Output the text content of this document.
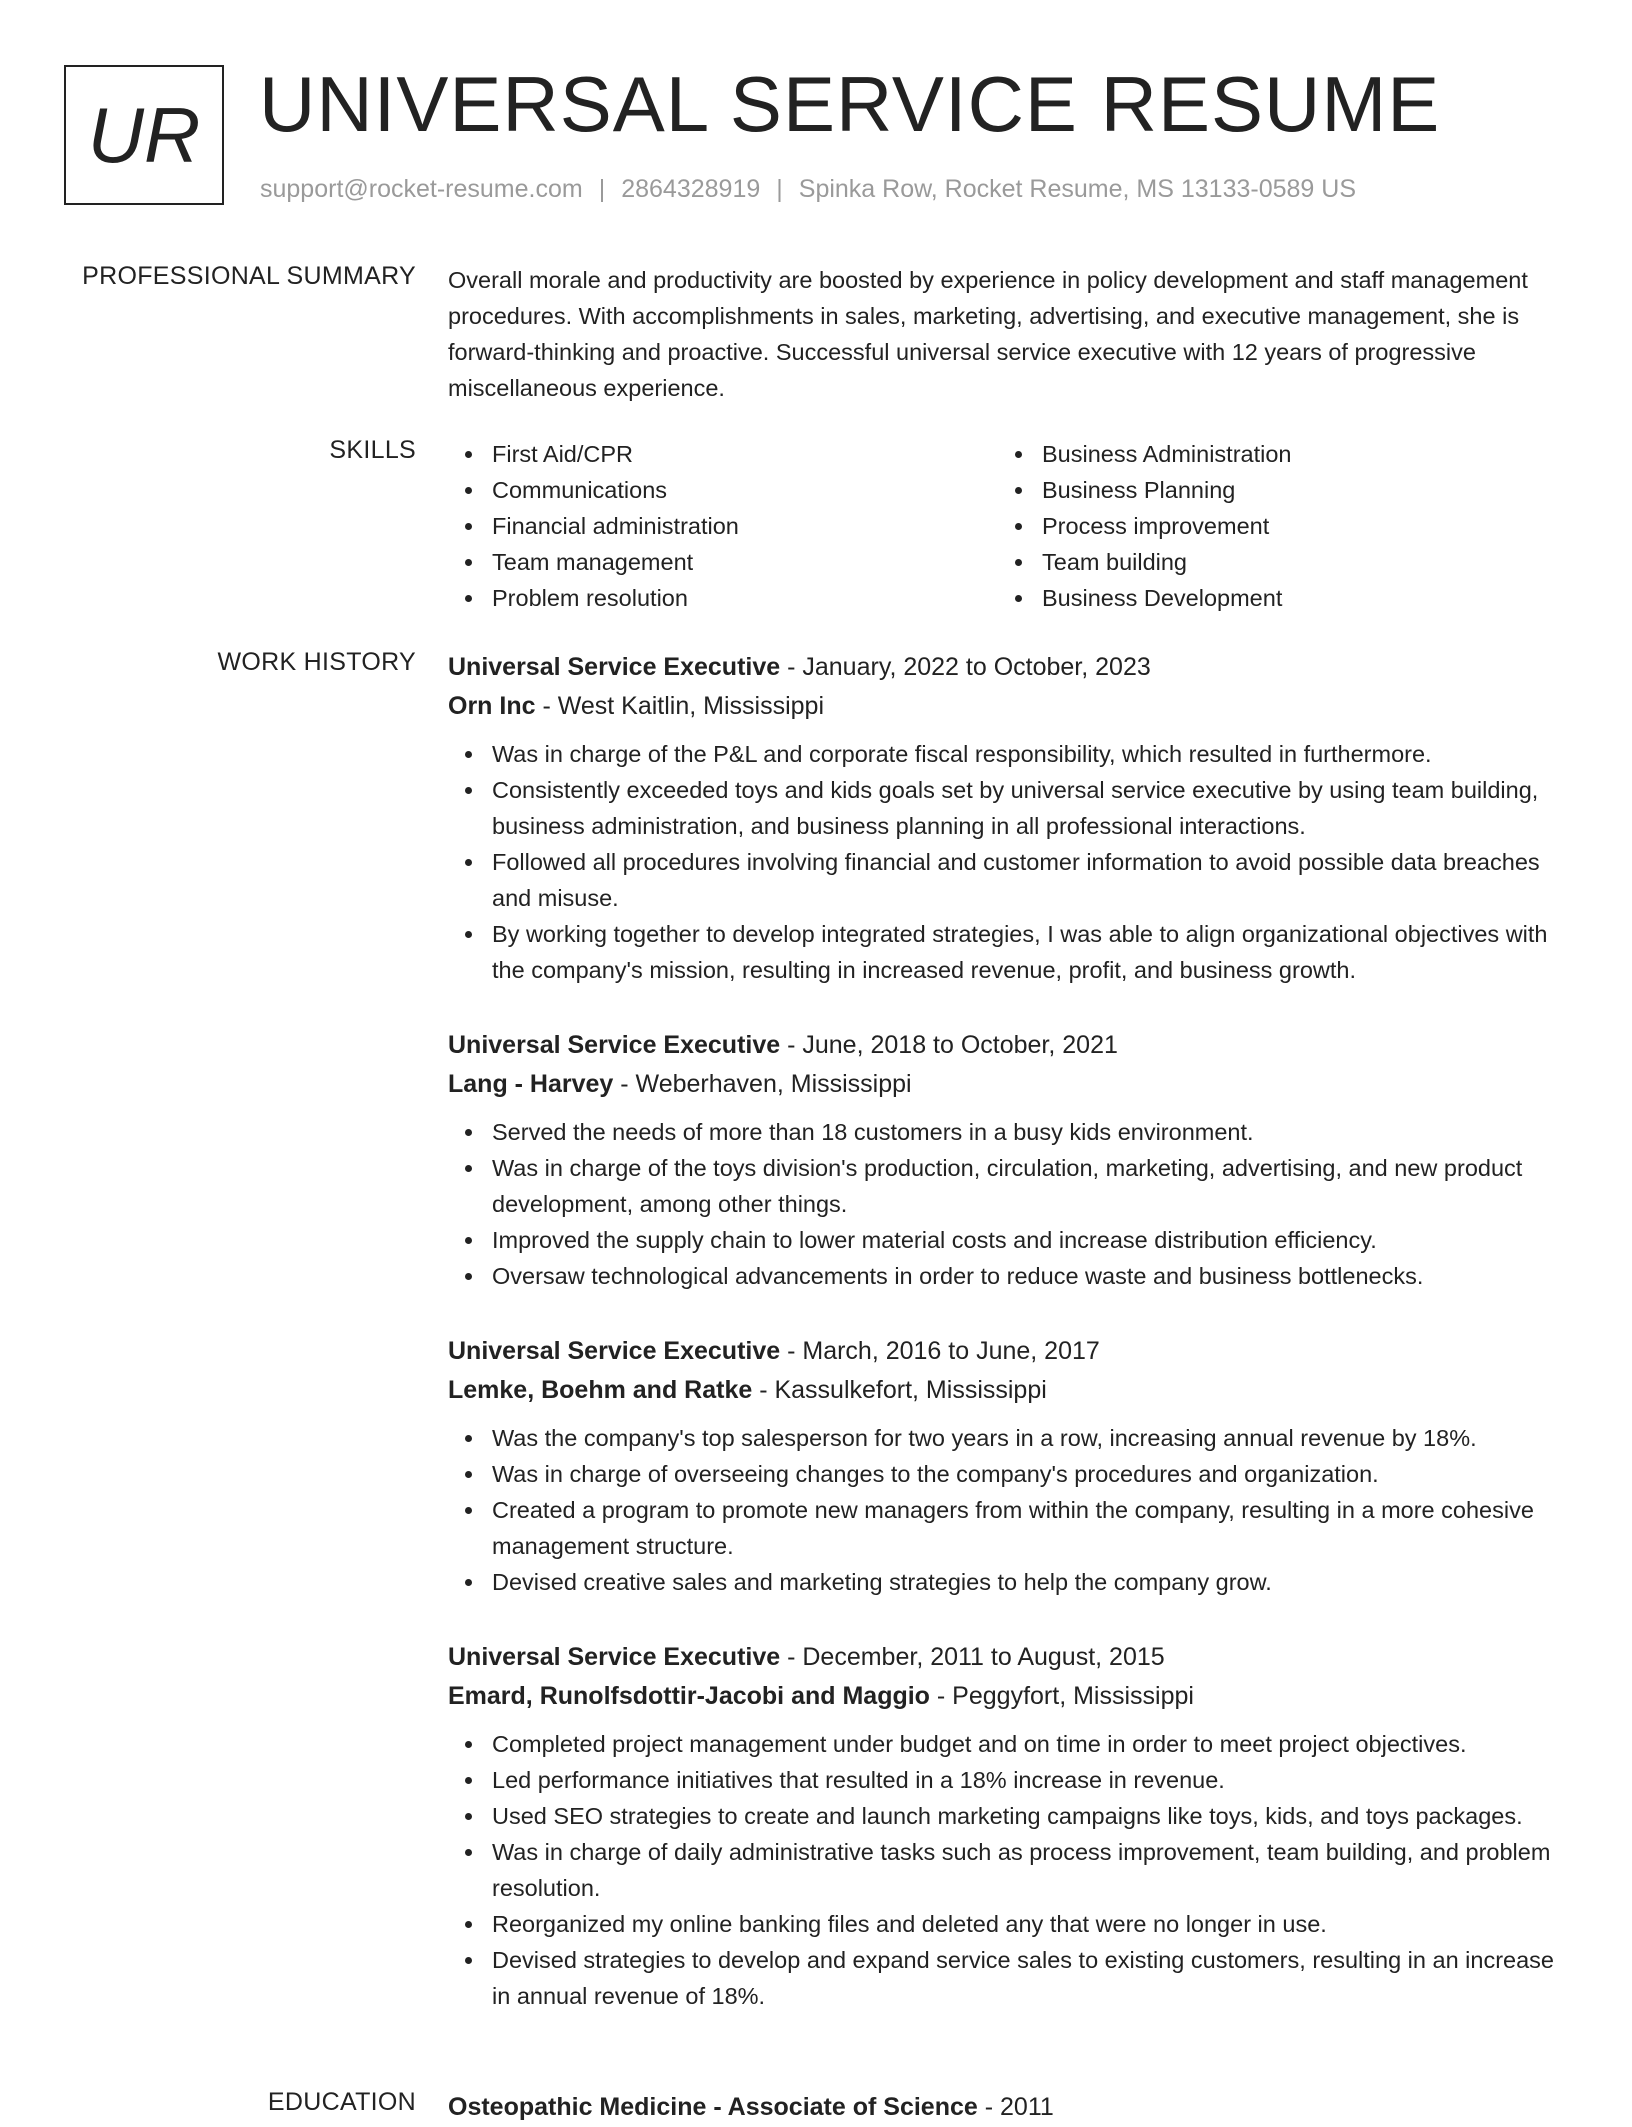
UR UNIVERSAL SERVICE RESUME
support@rocket-resume.com | 2864328919 | Spinka Row, Rocket Resume, MS 13133-0589 US
PROFESSIONAL SUMMARY Overall morale and productivity are boosted by experience in policy development and staff management procedures. With accomplishments in sales, marketing, advertising, and executive management, she is forward-thinking and proactive. Successful universal service executive with 12 years of progressive miscellaneous experience.

SKILLS	First Aid/CPR
Communications
Financial administration
Team management
Problem resolution
Business Administration
Business Planning
Process improvement
Team building
Business Development
WORK HISTORY Universal Service Executive - January, 2022 to October, 2023
Orn Inc - West Kaitlin, Mississippi
Was in charge of the P&L and corporate fiscal responsibility, which resulted in furthermore.
Consistently exceeded toys and kids goals set by universal service executive by using team building, business administration, and business planning in all professional interactions.
Followed all procedures involving financial and customer information to avoid possible data breaches and misuse.
By working together to develop integrated strategies, I was able to align organizational objectives with the company's mission, resulting in increased revenue, profit, and business growth.
Universal Service Executive - June, 2018 to October, 2021
Lang - Harvey - Weberhaven, Mississippi
Served the needs of more than 18 customers in a busy kids environment.
Was in charge of the toys division's production, circulation, marketing, advertising, and new product development, among other things.
Improved the supply chain to lower material costs and increase distribution efficiency.
Oversaw technological advancements in order to reduce waste and business bottlenecks.
Universal Service Executive - March, 2016 to June, 2017
Lemke, Boehm and Ratke - Kassulkefort, Mississippi
Was the company's top salesperson for two years in a row, increasing annual revenue by 18%.
Was in charge of overseeing changes to the company's procedures and organization.
Created a program to promote new managers from within the company, resulting in a more cohesive management structure.
Devised creative sales and marketing strategies to help the company grow.
Universal Service Executive - December, 2011 to August, 2015
Emard, Runolfsdottir-Jacobi and Maggio - Peggyfort, Mississippi
Completed project management under budget and on time in order to meet project objectives.
Led performance initiatives that resulted in a 18% increase in revenue.
Used SEO strategies to create and launch marketing campaigns like toys, kids, and toys packages.
Was in charge of daily administrative tasks such as process improvement, team building, and problem resolution.
Reorganized my online banking files and deleted any that were no longer in use.
Devised strategies to develop and expand service sales to existing customers, resulting in an increase in annual revenue of 18%.
EDUCATION Osteopathic Medicine - Associate of Science - 2011
